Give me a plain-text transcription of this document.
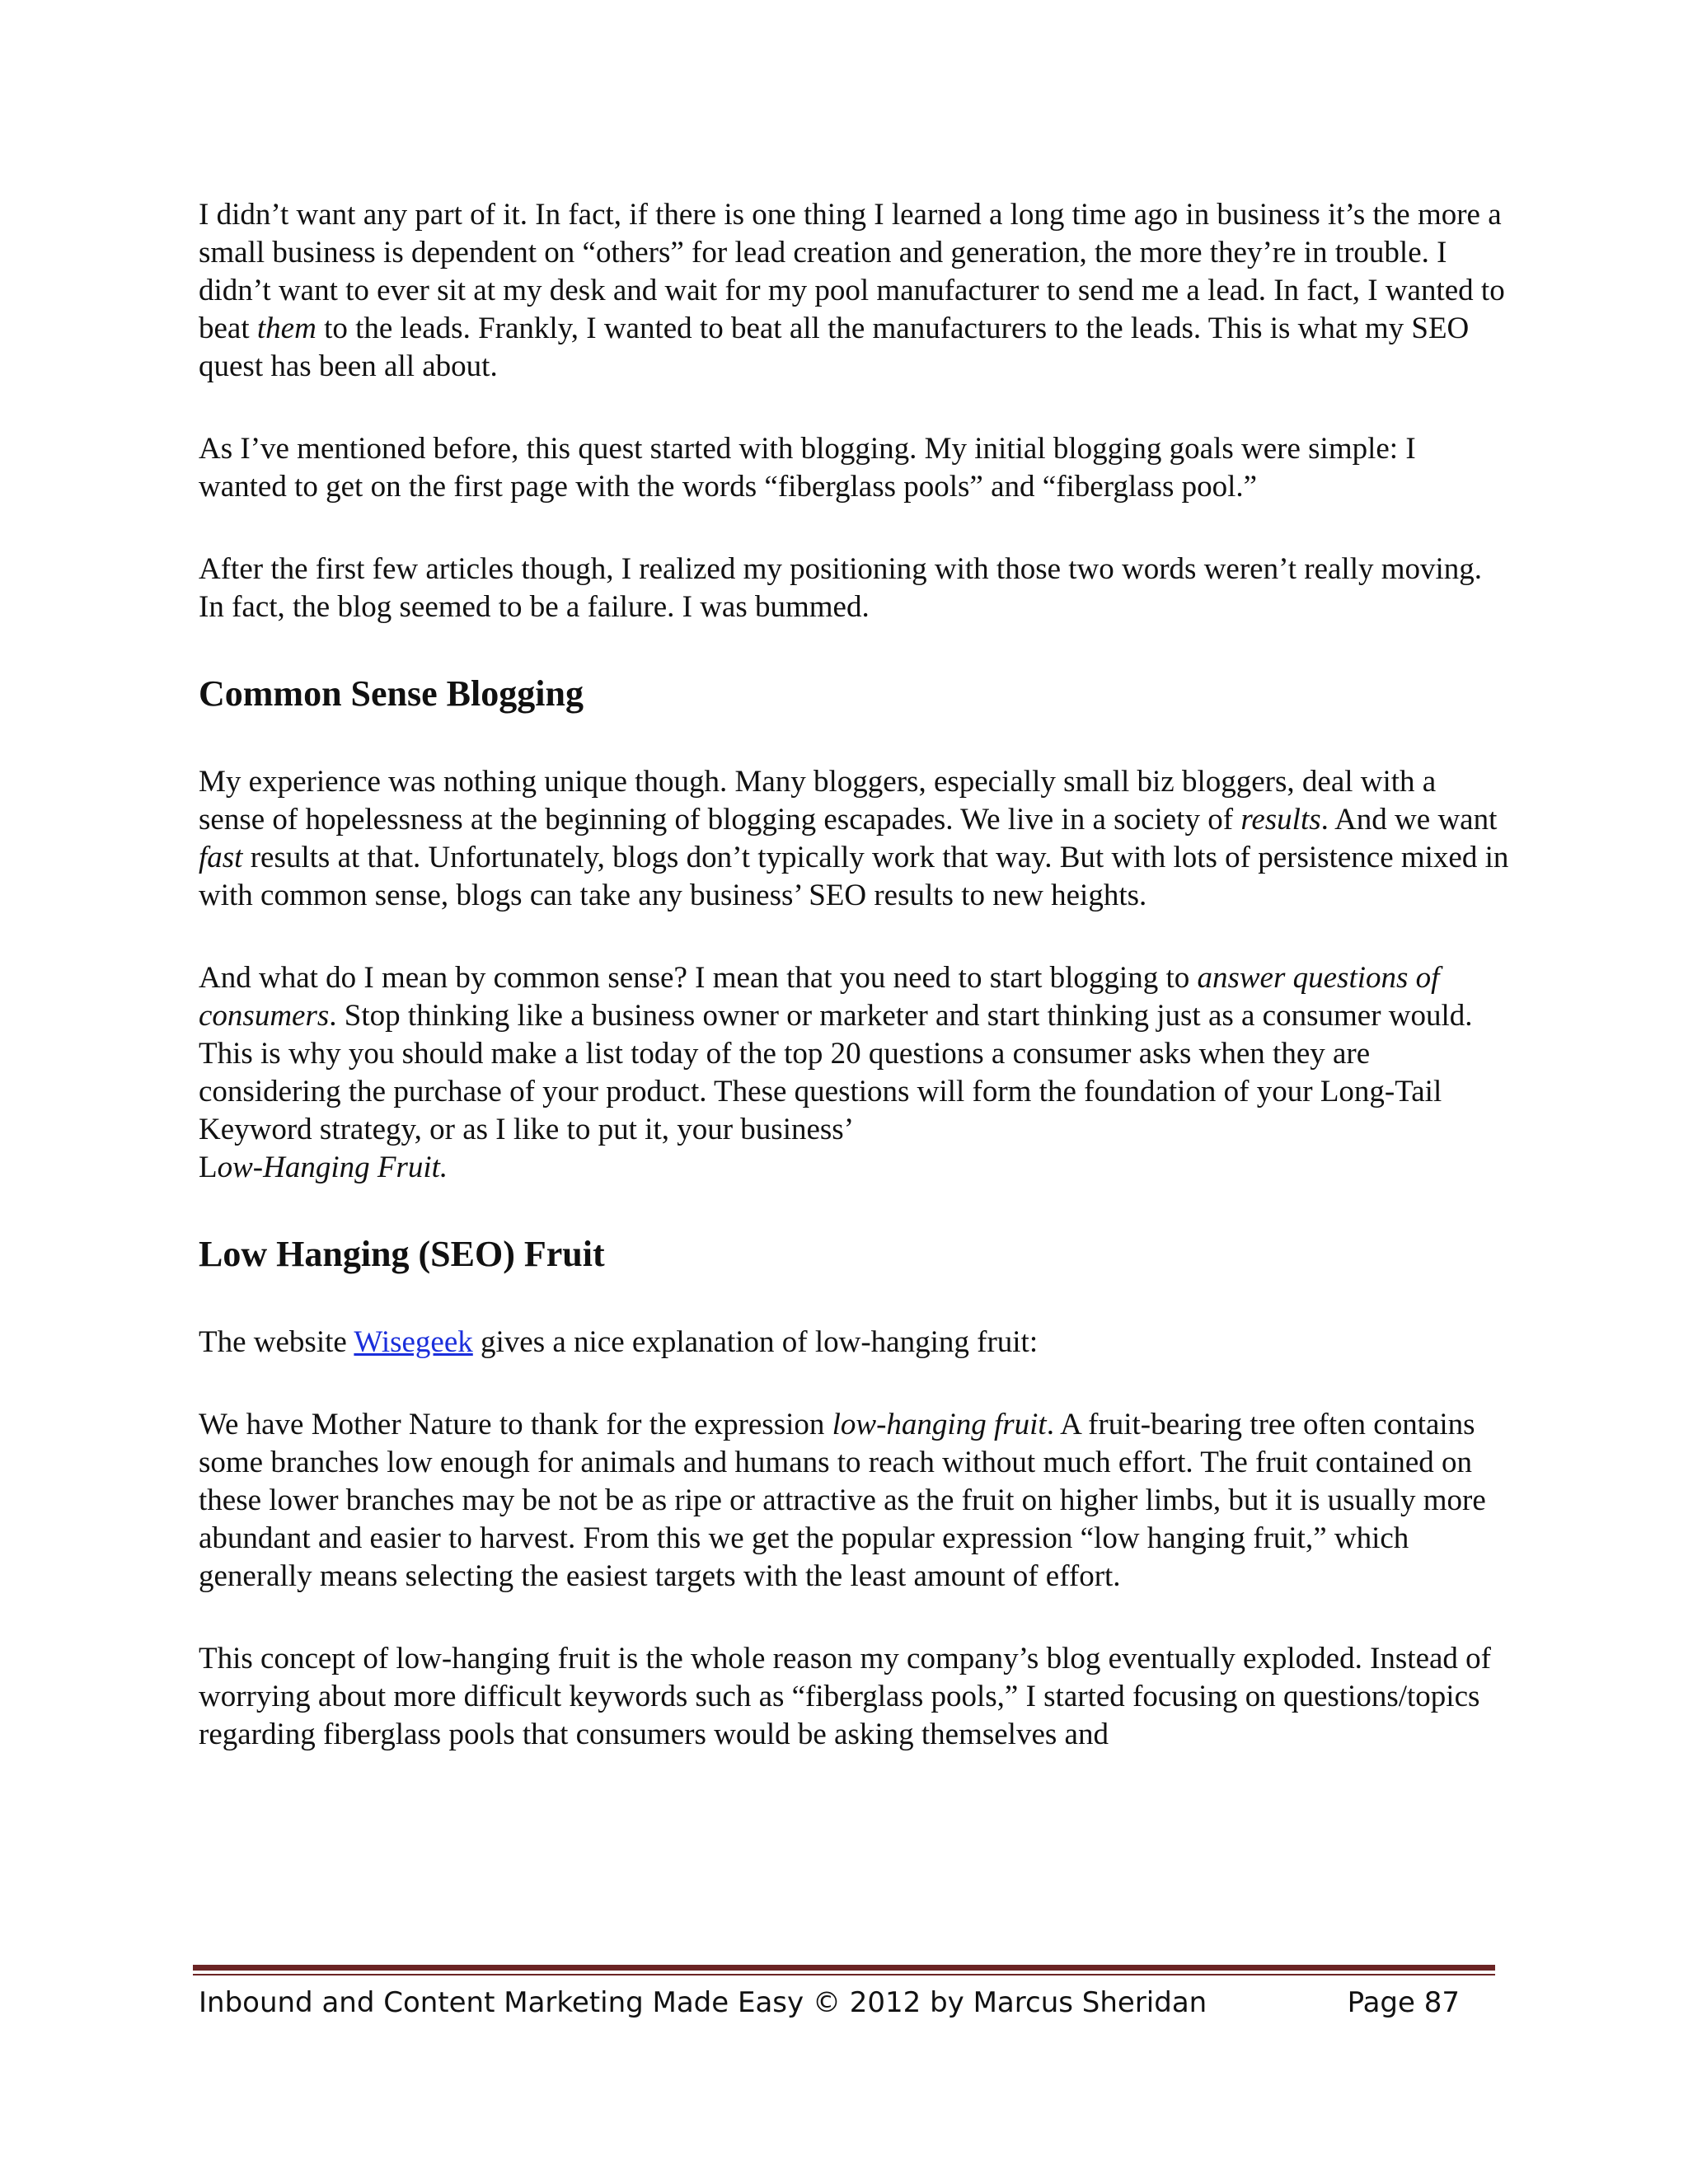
I didn’t want any part of it. In fact, if there is one thing I learned a long time ago in business it’s the more a small business is dependent on “others” for lead creation and generation, the more they’re in trouble. I didn’t want to ever sit at my desk and wait for my pool manufacturer to send me a lead. In fact, I wanted to beat them to the leads. Frankly, I wanted to beat all the manufacturers to the leads. This is what my SEO quest has been all about.

As I’ve mentioned before, this quest started with blogging. My initial blogging goals were simple: I wanted to get on the first page with the words “fiberglass pools” and “fiberglass pool.”

After the first few articles though, I realized my positioning with those two words weren’t really moving. In fact, the blog seemed to be a failure. I was bummed.

Common Sense Blogging

My experience was nothing unique though. Many bloggers, especially small biz bloggers, deal with a sense of hopelessness at the beginning of blogging escapades. We live in a society of results. And we want fast results at that. Unfortunately, blogs don’t typically work that way. But with lots of persistence mixed in with common sense, blogs can take any business’ SEO results to new heights.

And what do I mean by common sense? I mean that you need to start blogging to answer questions of consumers. Stop thinking like a business owner or marketer and start thinking just as a consumer would. This is why you should make a list today of the top 20 questions a consumer asks when they are considering the purchase of your product. These questions will form the foundation of your Long-Tail Keyword strategy, or as I like to put it, your business’
Low-Hanging Fruit.

Low Hanging (SEO) Fruit

The website Wisegeek gives a nice explanation of low-hanging fruit:

We have Mother Nature to thank for the expression low-hanging fruit. A fruit-bearing tree often contains some branches low enough for animals and humans to reach without much effort. The fruit contained on these lower branches may be not be as ripe or attractive as the fruit on higher limbs, but it is usually more abundant and easier to harvest. From this we get the popular expression “low hanging fruit,” which generally means selecting the easiest targets with the least amount of effort.

This concept of low-hanging fruit is the whole reason my company’s blog eventually exploded. Instead of worrying about more difficult keywords such as “fiberglass pools,” I started focusing on questions/topics regarding fiberglass pools that consumers would be asking themselves and

Inbound and Content Marketing Made Easy © 2012 by Marcus Sheridan	Page 87
